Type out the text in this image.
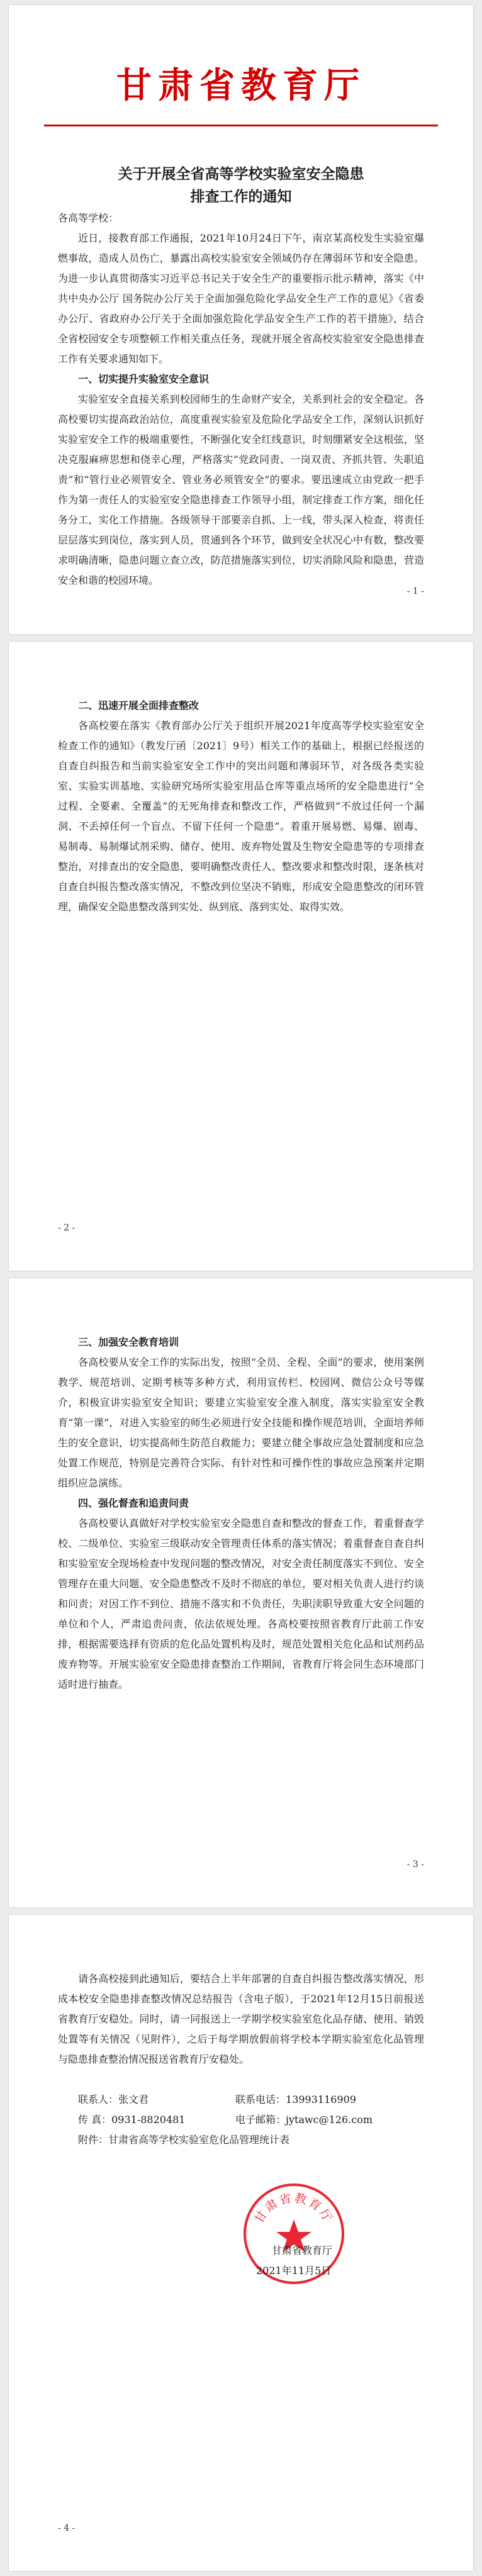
甘肃省教育厅
关于开展全省高等学校实验室安全隐患
排查工作的通知

各高等学校：

近日，接教育部工作通报，2021年10月24日下午，南京某高校发生实验室爆燃事故，造成人员伤亡，暴露出高校实验室安全领域仍存在薄弱环节和安全隐患。为进一步认真贯彻落实习近平总书记关于安全生产的重要指示批示精神，落实《中共中央办公厅 国务院办公厅关于全面加强危险化学品安全生产工作的意见》《省委办公厅、省政府办公厅关于全面加强危险化学品安全生产工作的若干措施》，结合全省校园安全专项整顿工作相关重点任务，现就开展全省高校实验室安全隐患排查工作有关要求通知如下。

一、切实提升实验室安全意识

实验室安全直接关系到校园师生的生命财产安全，关系到社会的安全稳定。各高校要切实提高政治站位，高度重视实验室及危险化学品安全工作，深刻认识抓好实验室安全工作的极端重要性，不断强化安全红线意识，时刻绷紧安全这根弦，坚决克服麻痹思想和侥幸心理，严格落实“党政同责、一岗双责、齐抓共管、失职追责”和“管行业必须管安全、管业务必须管安全”的要求。要迅速成立由党政一把手作为第一责任人的实验室安全隐患排查工作领导小组，制定排查工作方案，细化任务分工，实化工作措施。各级领导干部要亲自抓、上一线，带头深入检查，将责任层层落实到岗位，落实到人员，贯通到各个环节，做到安全状况心中有数，整改要求明确清晰，隐患问题立查立改，防范措施落实到位，切实消除风险和隐患，营造安全和谐的校园环境。

- 1 -
二、迅速开展全面排查整改

各高校要在落实《教育部办公厅关于组织开展2021年度高等学校实验室安全检查工作的通知》（教发厅函〔2021〕9号）相关工作的基础上，根据已经报送的自查自纠报告和当前实验室安全工作中的突出问题和薄弱环节，对各级各类实验室、实验实训基地、实验研究场所实验室用品仓库等重点场所的安全隐患进行“全过程、全要素、全覆盖”的无死角排查和整改工作，严格做到“不放过任何一个漏洞、不丢掉任何一个盲点、不留下任何一个隐患”。着重开展易燃、易爆、剧毒、易制毒、易制爆试剂采购、储存、使用、废弃物处置及生物安全隐患等的专项排查整治，对排查出的安全隐患，要明确整改责任人、整改要求和整改时限，逐条核对自查自纠报告整改落实情况，不整改到位坚决不销账，形成安全隐患整改的闭环管理，确保安全隐患整改落到实处、纵到底、落到实处、取得实效。

- 2 -
三、加强安全教育培训

各高校要从安全工作的实际出发，按照“全员、全程、全面”的要求，使用案例教学、规范培训、定期考核等多种方式，利用宣传栏、校园网、微信公众号等媒介，积极宣讲实验室安全知识；要建立实验室安全准入制度，落实实验室安全教育“第一课”，对进入实验室的师生必须进行安全技能和操作规范培训，全面培养师生的安全意识，切实提高师生防范自救能力；要建立健全事故应急处置制度和应急处置工作规范，特别是完善符合实际、有针对性和可操作性的事故应急预案并定期组织应急演练。

四、强化督查和追责问责

各高校要认真做好对学校实验室安全隐患自查和整改的督查工作，着重督查学校、二级单位、实验室三级联动安全管理责任体系的落实情况；着重督查自查自纠和实验室安全现场检查中发现问题的整改情况，对安全责任制度落实不到位、安全管理存在重大问题、安全隐患整改不及时不彻底的单位，要对相关负责人进行约谈和问责；对因工作不到位、措施不落实和不负责任，失职渎职导致重大安全问题的单位和个人，严肃追责问责，依法依规处理。各高校要按照省教育厅此前工作安排，根据需要选择有资质的危化品处置机构及时，规范处置相关危化品和试剂药品废弃物等。开展实验室安全隐患排查整治工作期间，省教育厅将会同生态环境部门适时进行抽查。

- 3 -

请各高校接到此通知后，要结合上半年部署的自查自纠报告整改落实情况，形成本校安全隐患排查整改情况总结报告（含电子版），于2021年12月15日前报送省教育厅安稳处。同时，请一同报送上一学期学校实验室危化品存储、使用、销毁处置等有关情况（见附件），之后于每学期放假前将学校本学期实验室危化品管理与隐患排查整治情况报送省教育厅安稳处。

联系人：张文君	联系电话：13993116909
传 真：0931-8820481	电子邮箱：jytawc@126.com

附件：甘肃省高等学校实验室危化品管理统计表

甘肃省教育厅
甘肃省教育厅
2021年11月5日
- 4 -
